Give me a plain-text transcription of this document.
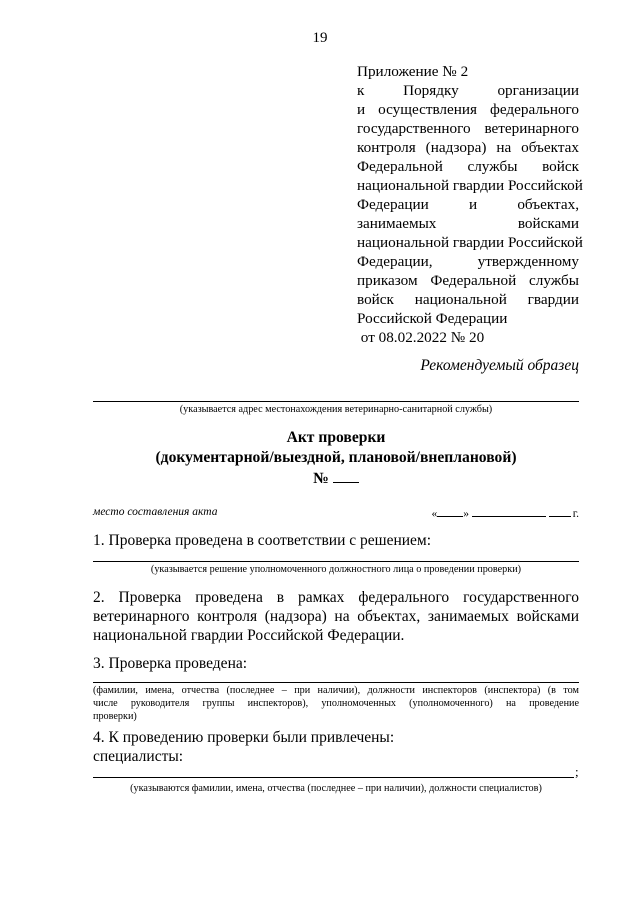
19
Приложение № 2
к Порядку организации
и осуществления федерального
государственного ветеринарного
контроля (надзора) на объектах
Федеральной службы войск
национальной гвардии Российской
Федерации и объектах,
занимаемых войсками
национальной гвардии Российской
Федерации, утвержденному
приказом Федеральной службы
войск национальной гвардии
Российской Федерации
от 08.02.2022 № 20
Рекомендуемый образец
(указывается адрес местонахождения ветеринарно-санитарной службы)
Акт проверки
(документарной/выездной, плановой/внеплановой)
№
место составления акта	« »	г.
1. Проверка проведена в соответствии с решением:
(указывается решение уполномоченного должностного лица о проведении проверки)
2. Проверка проведена в рамках федерального государственного
ветеринарного контроля (надзора) на объектах, занимаемых войсками
национальной гвардии Российской Федерации.
3. Проверка проведена:
(фамилии, имена, отчества (последнее – при наличии), должности инспекторов (инспектора) (в том
числе руководителя группы инспекторов), уполномоченных (уполномоченного) на проведение
проверки)
4. К проведению проверки были привлечены:
специалисты:
;
(указываются фамилии, имена, отчества (последнее – при наличии), должности специалистов)
